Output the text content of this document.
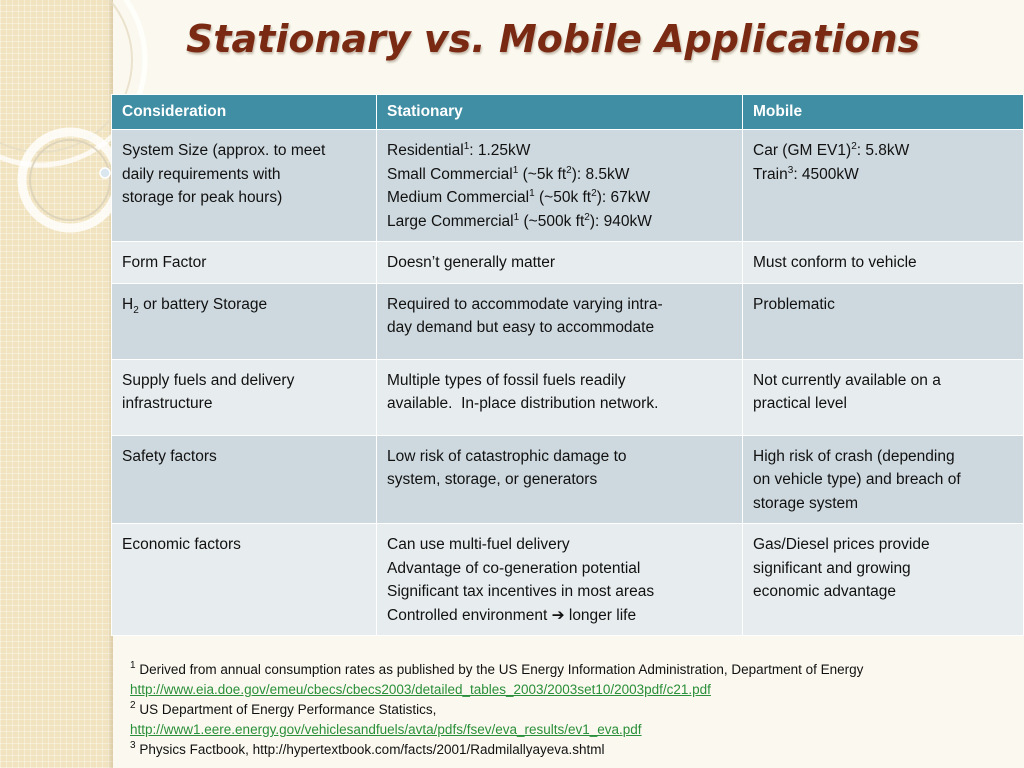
Stationary vs. Mobile Applications
Consideration	Stationary	Mobile

System Size (approx. to meet
daily requirements with
storage for peak hours)	Residential$^1$: 1.25kW
Small Commercial$^1$ (~5k $ft^2$): 8.5kW
Medium Commercial$^1$ (~50k $ft^2$): 67kW
Large Commercial$^1$ (~500k $ft^2$): 940kW	Car (GM EV1)$^2$: 5.8kW
Train$^3$: 4500kW

Form Factor	Doesn’t generally matter	Must conform to vehicle
$H_2$ or battery Storage	Required to accommodate varying intra-
day demand but easy to accommodate	Problematic

Supply fuels and delivery
infrastructure	Multiple types of fossil fuels readily
available.  In-place distribution network.	Not currently available on a
practical level

Safety factors	Low risk of catastrophic damage to
system, storage, or generators	High risk of crash (depending
on vehicle type) and breach of
storage system

Economic factors	Can use multi-fuel delivery
Advantage of co-generation potential
Significant tax incentives in most areas
Controlled environment ➔ longer life	Gas/Diesel prices provide
significant and growing
economic advantage
$^1$ Derived from annual consumption rates as published by the US Energy Information Administration, Department of Energy
http://www.eia.doe.gov/emeu/cbecs/cbecs2003/detailed_tables_2003/2003set10/2003pdf/c21.pdf
$^2$ US Department of Energy Performance Statistics,
http://www1.eere.energy.gov/vehiclesandfuels/avta/pdfs/fsev/eva_results/ev1_eva.pdf
$^3$ Physics Factbook, http://hypertextbook.com/facts/2001/Radmilallyayeva.shtml
